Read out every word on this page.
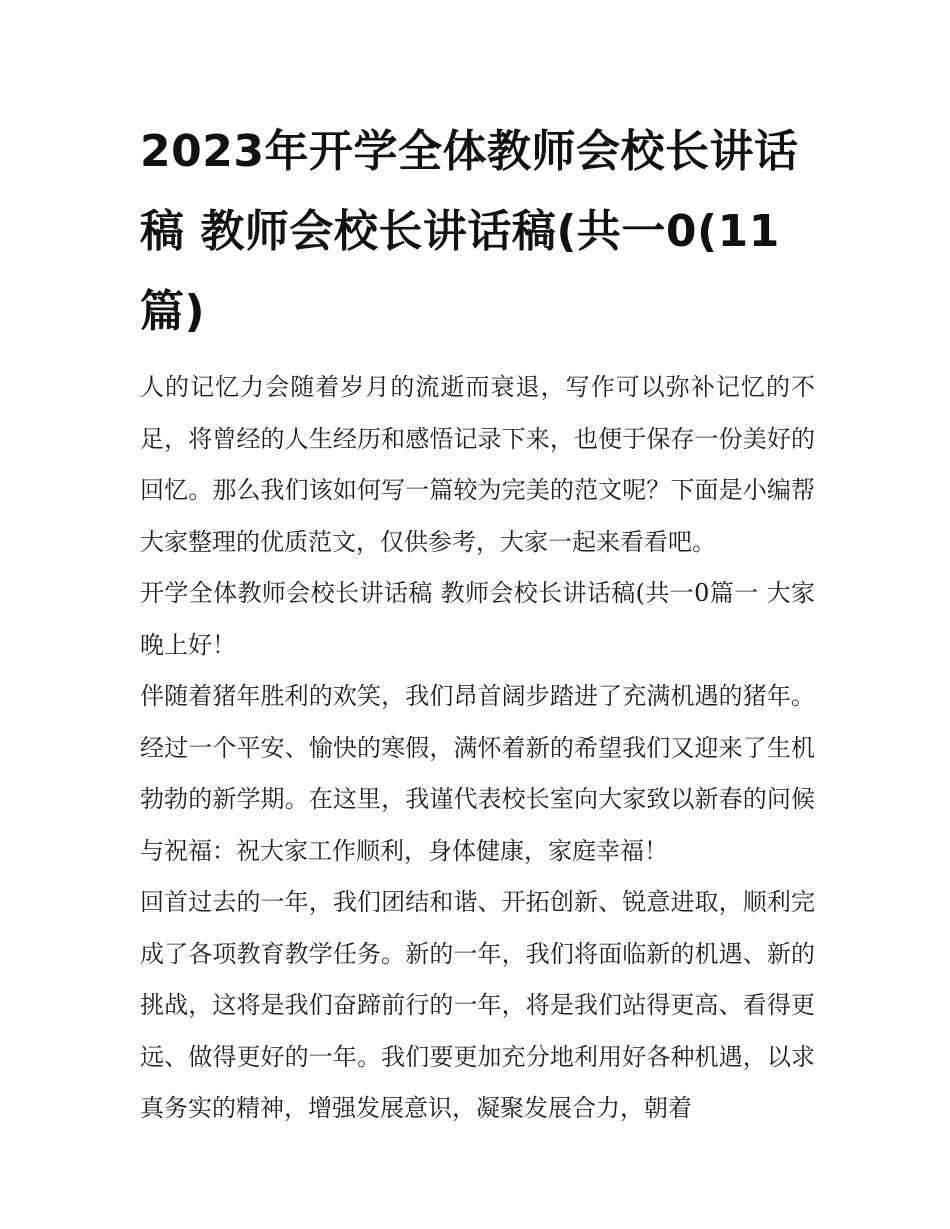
2023年开学全体教师会校长讲话稿 教师会校长讲话稿(共一0(11篇)

人的记忆力会随着岁月的流逝而衰退，写作可以弥补记忆的不足，将曾经的人生经历和感悟记录下来，也便于保存一份美好的回忆。那么我们该如何写一篇较为完美的范文呢？下面是小编帮大家整理的优质范文，仅供参考，大家一起来看看吧。

开学全体教师会校长讲话稿 教师会校长讲话稿(共一0篇一 大家晚上好！

伴随着猪年胜利的欢笑，我们昂首阔步踏进了充满机遇的猪年。经过一个平安、愉快的寒假，满怀着新的希望我们又迎来了生机勃勃的新学期。在这里，我谨代表校长室向大家致以新春的问候与祝福：祝大家工作顺利，身体健康，家庭幸福！

回首过去的一年，我们团结和谐、开拓创新、锐意进取，顺利完成了各项教育教学任务。新的一年，我们将面临新的机遇、新的挑战，这将是我们奋蹄前行的一年，将是我们站得更高、看得更远、做得更好的一年。我们要更加充分地利用好各种机遇，以求真务实的精神，增强发展意识，凝聚发展合力，朝着
